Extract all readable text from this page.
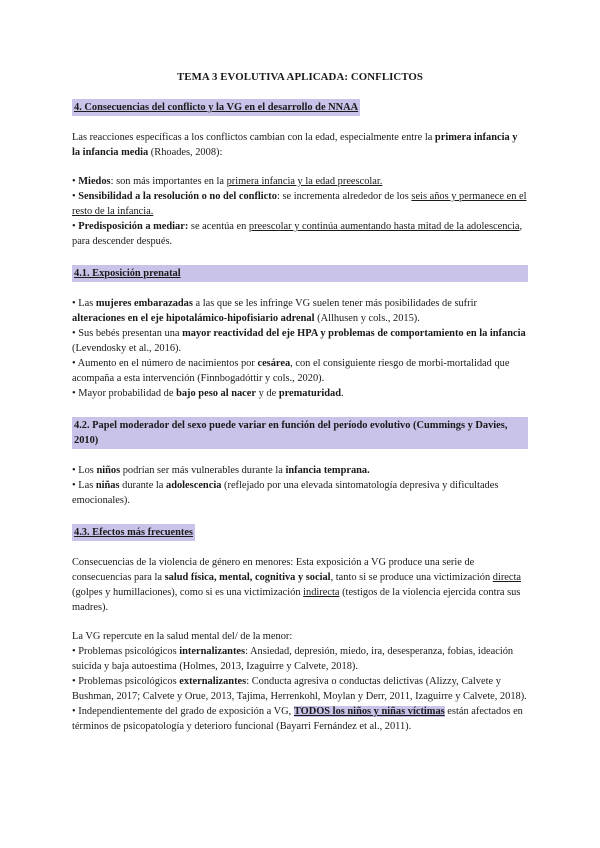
TEMA 3 EVOLUTIVA APLICADA: CONFLICTOS
4. Consecuencias del conflicto y la VG en el desarrollo de NNAA

Las reacciones específicas a los conflictos cambian con la edad, especialmente entre la primera infancia y la infancia media (Rhoades, 2008):

• Miedos: son más importantes en la primera infancia y la edad preescolar.

• Sensibilidad a la resolución o no del conflicto: se incrementa alrededor de los seis años y permanece en el resto de la infancia.

• Predisposición a mediar: se acentúa en preescolar y continúa aumentando hasta mitad de la adolescencia, para descender después.

4.1. Exposición prenatal

• Las mujeres embarazadas a las que se les infringe VG suelen tener más posibilidades de sufrir alteraciones en el eje hipotalámico-hipofisiario adrenal (Allhusen y cols., 2015).

• Sus bebés presentan una mayor reactividad del eje HPA y problemas de comportamiento en la infancia (Levendosky et al., 2016).

• Aumento en el número de nacimientos por cesárea, con el consiguiente riesgo de morbi-mortalidad que acompaña a esta intervención (Finnbogadóttir y cols., 2020).

• Mayor probabilidad de bajo peso al nacer y de prematuridad.

4.2. Papel moderador del sexo puede variar en función del período evolutivo (Cummings y Davies, 2010)

• Los niños podrían ser más vulnerables durante la infancia temprana.

• Las niñas durante la adolescencia (reflejado por una elevada sintomatología depresiva y dificultades emocionales).

4.3. Efectos más frecuentes

Consecuencias de la violencia de género en menores: Esta exposición a VG produce una serie de consecuencias para la salud física, mental, cognitiva y social, tanto si se produce una victimización directa (golpes y humillaciones), como si es una victimización indirecta (testigos de la violencia ejercida contra sus madres).

La VG repercute en la salud mental del/ de la menor:

• Problemas psicológicos internalizantes: Ansiedad, depresión, miedo, ira, desesperanza, fobias, ideación suicida y baja autoestima (Holmes, 2013, Izaguirre y Calvete, 2018).

• Problemas psicológicos externalizantes: Conducta agresiva o conductas delictivas (Alizzy, Calvete y Bushman, 2017; Calvete y Orue, 2013, Tajima, Herrenkohl, Moylan y Derr, 2011, Izaguirre y Calvete, 2018).

• Independientemente del grado de exposición a VG, TODOS los niños y niñas víctimas están afectados en términos de psicopatología y deterioro funcional (Bayarri Fernández et al., 2011).
